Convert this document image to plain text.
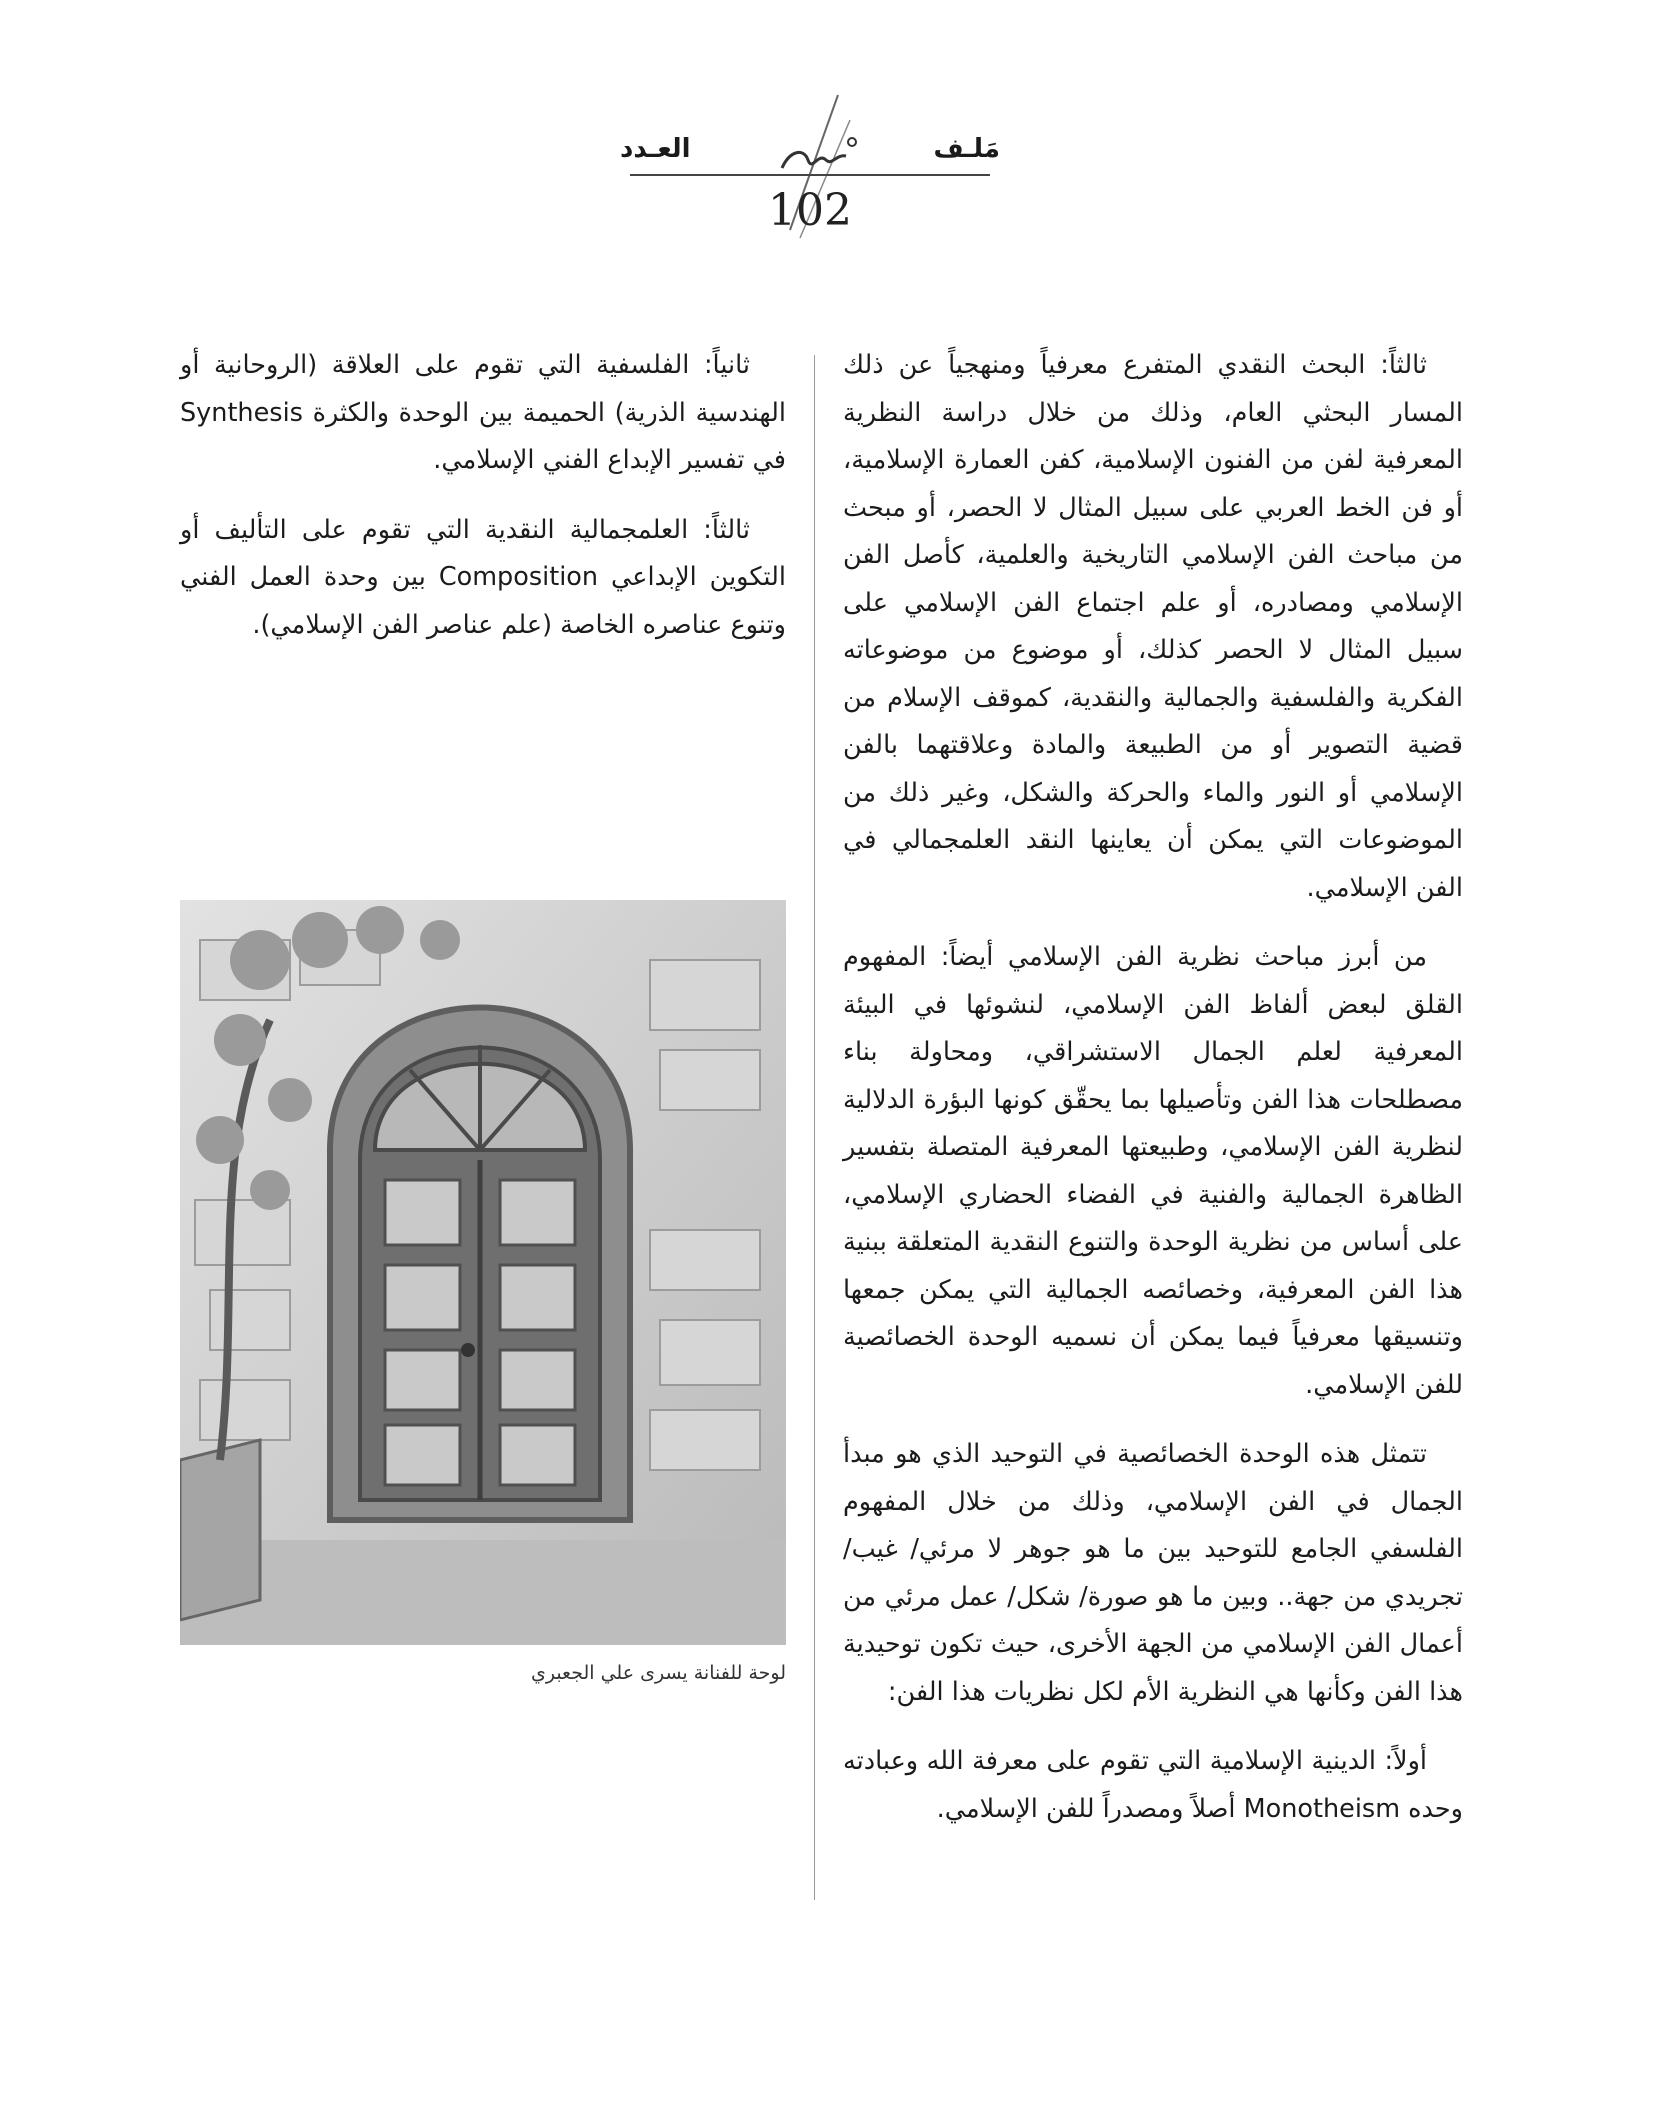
العـدد	مَلـف
102

ثالثاً: البحث النقدي المتفرع معرفياً ومنهجياً عن ذلك المسار البحثي العام، وذلك من خلال دراسة النظرية المعرفية لفن من الفنون الإسلامية، كفن العمارة الإسلامية، أو فن الخط العربي على سبيل المثال لا الحصر، أو مبحث من مباحث الفن الإسلامي التاريخية والعلمية، كأصل الفن الإسلامي ومصادره، أو علم اجتماع الفن الإسلامي على سبيل المثال لا الحصر كذلك، أو موضوع من موضوعاته الفكرية والفلسفية والجمالية والنقدية، كموقف الإسلام من قضية التصوير أو من الطبيعة والمادة وعلاقتهما بالفن الإسلامي أو النور والماء والحركة والشكل، وغير ذلك من الموضوعات التي يمكن أن يعاينها النقد العلمجمالي في الفن الإسلامي.

من أبرز مباحث نظرية الفن الإسلامي أيضاً: المفهوم القلق لبعض ألفاظ الفن الإسلامي، لنشوئها في البيئة المعرفية لعلم الجمال الاستشراقي، ومحاولة بناء مصطلحات هذا الفن وتأصيلها بما يحقّق كونها البؤرة الدلالية لنظرية الفن الإسلامي، وطبيعتها المعرفية المتصلة بتفسير الظاهرة الجمالية والفنية في الفضاء الحضاري الإسلامي، على أساس من نظرية الوحدة والتنوع النقدية المتعلقة ببنية هذا الفن المعرفية، وخصائصه الجمالية التي يمكن جمعها وتنسيقها معرفياً فيما يمكن أن نسميه الوحدة الخصائصية للفن الإسلامي.

تتمثل هذه الوحدة الخصائصية في التوحيد الذي هو مبدأ الجمال في الفن الإسلامي، وذلك من خلال المفهوم الفلسفي الجامع للتوحيد بين ما هو جوهر لا مرئي/ غيب/ تجريدي من جهة.. وبين ما هو صورة/ شكل/ عمل مرئي من أعمال الفن الإسلامي من الجهة الأخرى، حيث تكون توحيدية هذا الفن وكأنها هي النظرية الأم لكل نظريات هذا الفن:

أولاً: الدينية الإسلامية التي تقوم على معرفة الله وعبادته وحده Monotheism أصلاً ومصدراً للفن الإسلامي.

ثانياً: الفلسفية التي تقوم على العلاقة (الروحانية أو الهندسية الذرية) الحميمة بين الوحدة والكثرة Synthesis في تفسير الإبداع الفني الإسلامي.

ثالثاً: العلمجمالية النقدية التي تقوم على التأليف أو التكوين الإبداعي Composition بين وحدة العمل الفني وتنوع عناصره الخاصة (علم عناصر الفن الإسلامي).

لوحة للفنانة يسرى علي الجعبري
